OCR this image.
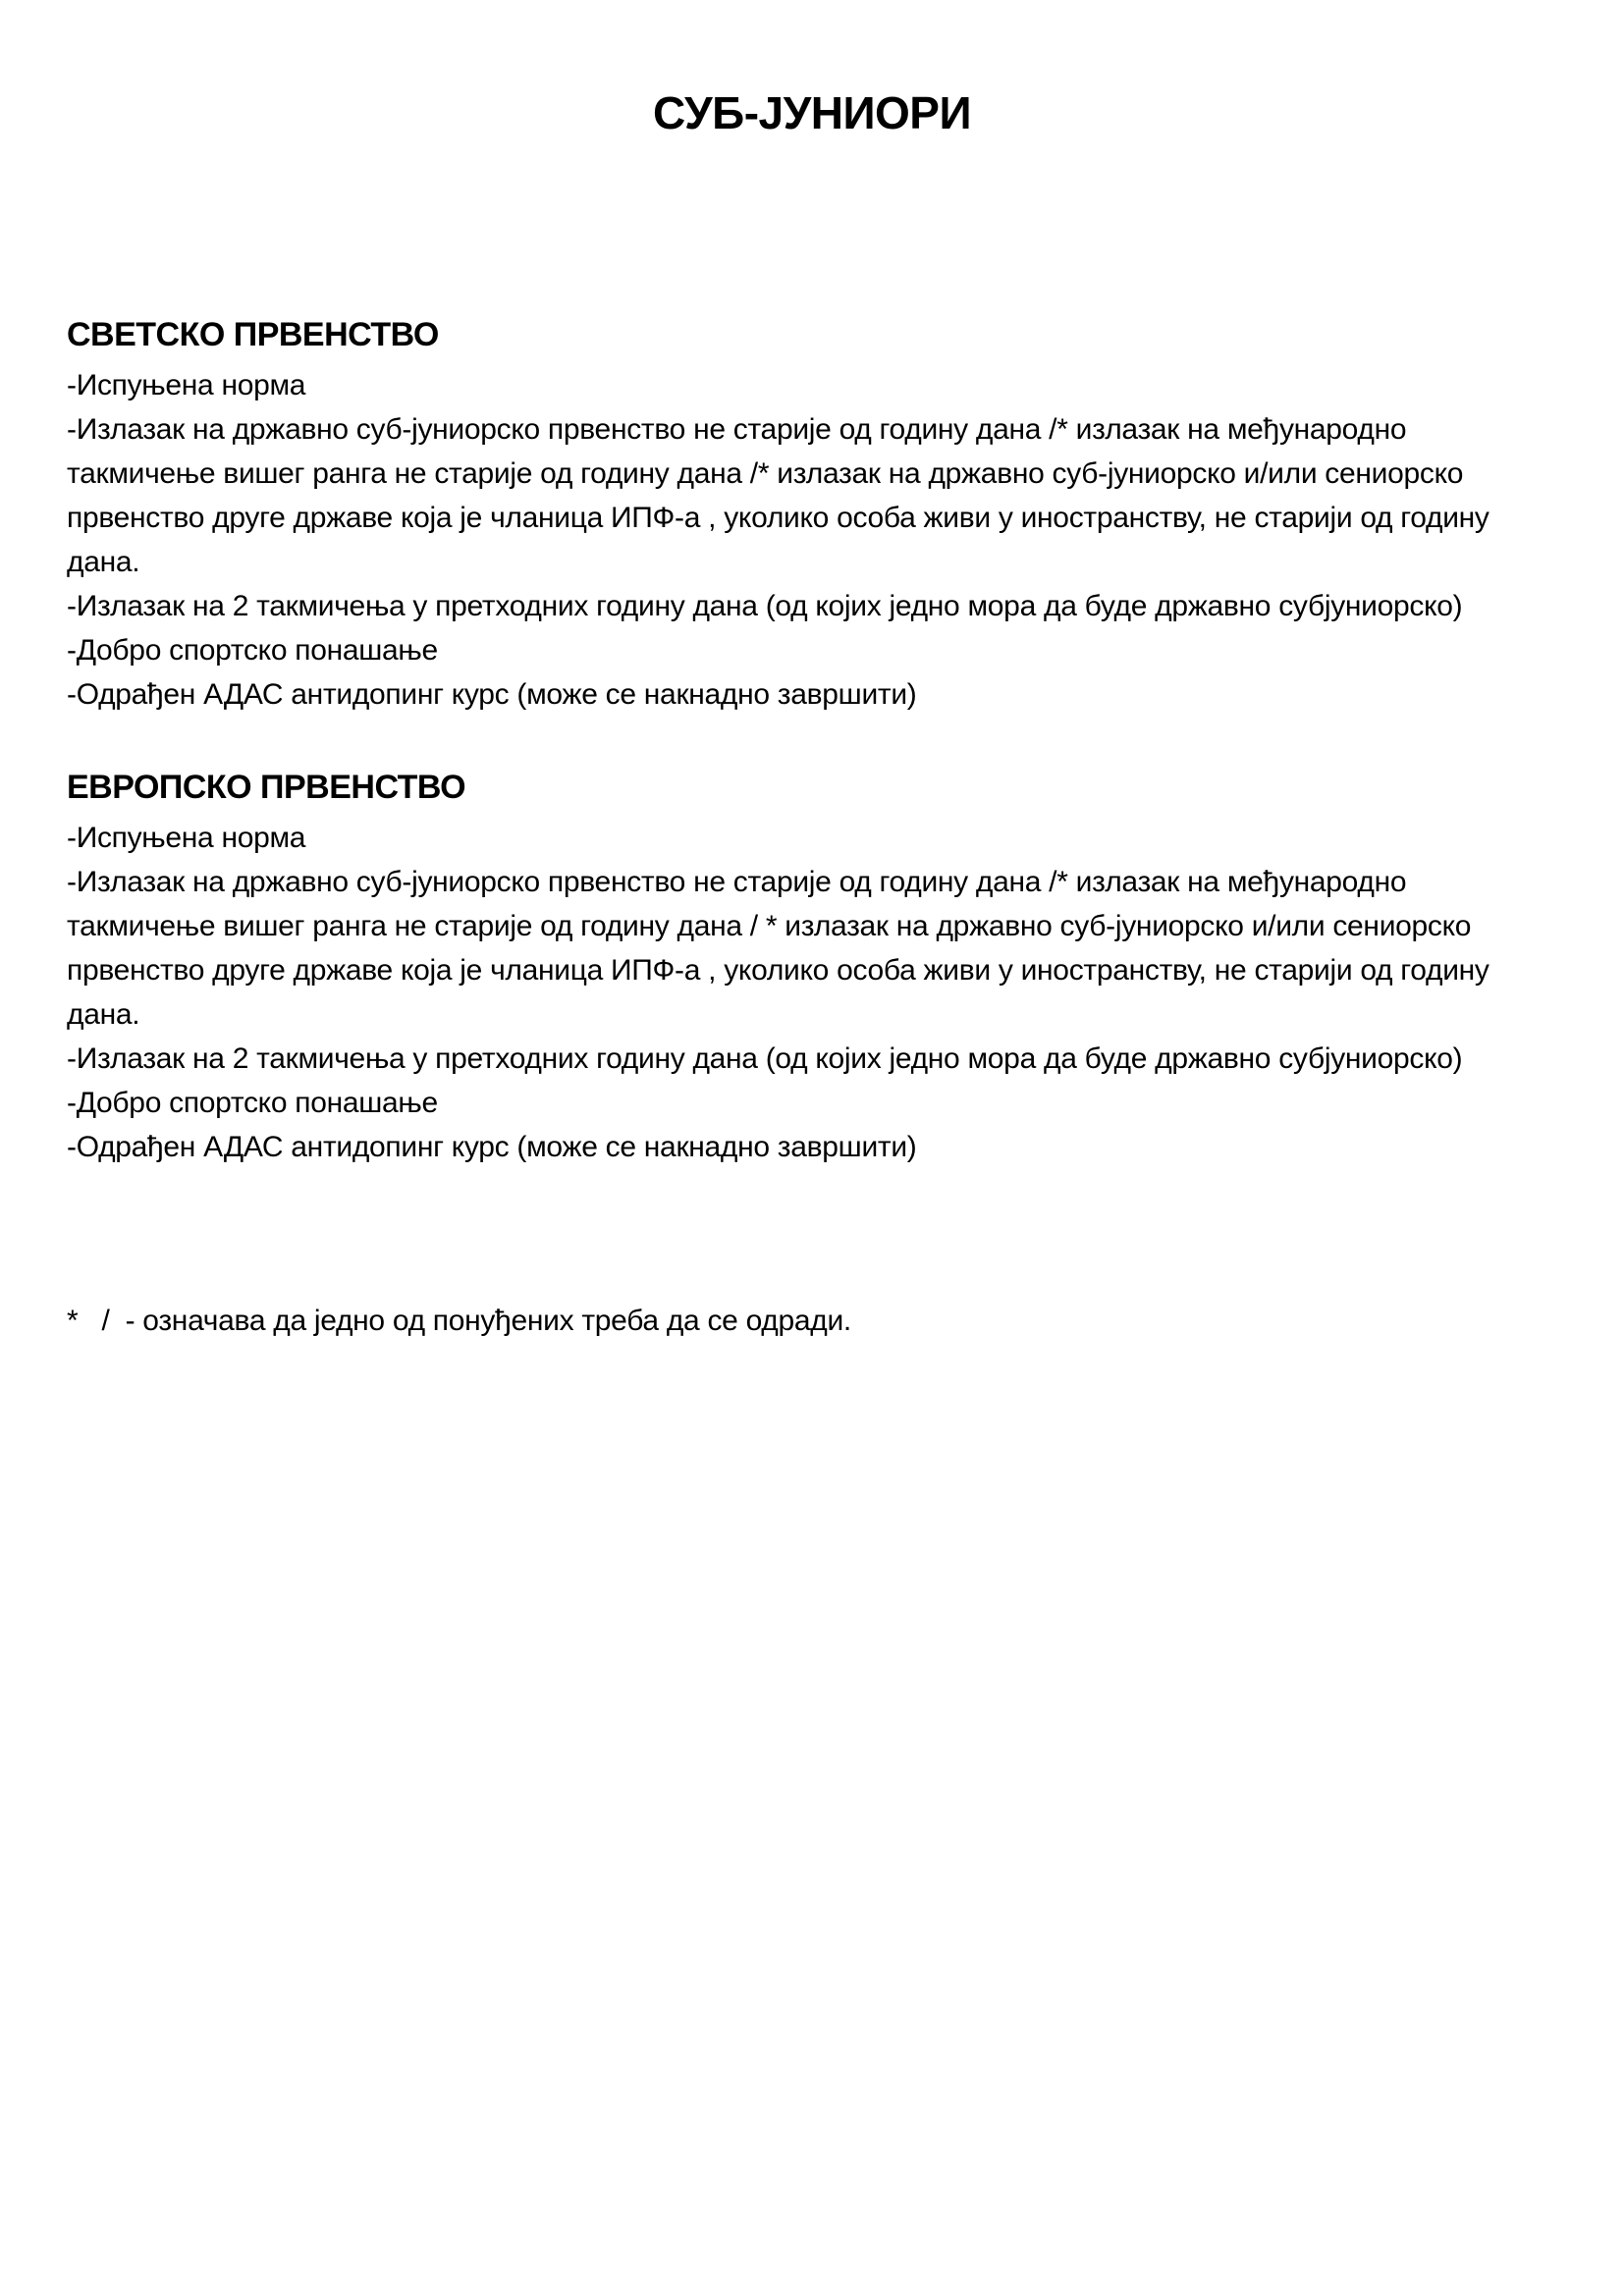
СУБ-ЈУНИОРИ
СВЕТСКО ПРВЕНСТВО

-Испуњена норма

-Излазак на државно суб-јуниорско првенство не старије од годину дана /* излазак на међународно такмичење вишег ранга не старије од годину дана /* излазак на државно суб-јуниорско и/или сениорско првенство друге државе која је чланица ИПФ-а , уколико особа живи у иностранству, не старији од годину дана.

-Излазак на 2 такмичења у претходних годину дана (од којих једно мора да буде државно субјуниорско)

-Добро спортско понашање

-Одрађен АДАС антидопинг курс (може се накнадно завршити)

ЕВРОПСКО ПРВЕНСТВО

-Испуњена норма

-Излазак на државно суб-јуниорско првенство не старије од годину дана /* излазак на међународно такмичење вишег ранга не старије од годину дана / * излазак на државно суб-јуниорско и/или сениорско првенство друге државе која је чланица ИПФ-а , уколико особа живи у иностранству, не старији од годину дана.

-Излазак на 2 такмичења у претходних годину дана (од којих једно мора да буде државно субјуниорско)

-Добро спортско понашање

-Одрађен АДАС антидопинг курс (може се накнадно завршити)

*   /  - означава да једно од понуђених треба да се одради.
